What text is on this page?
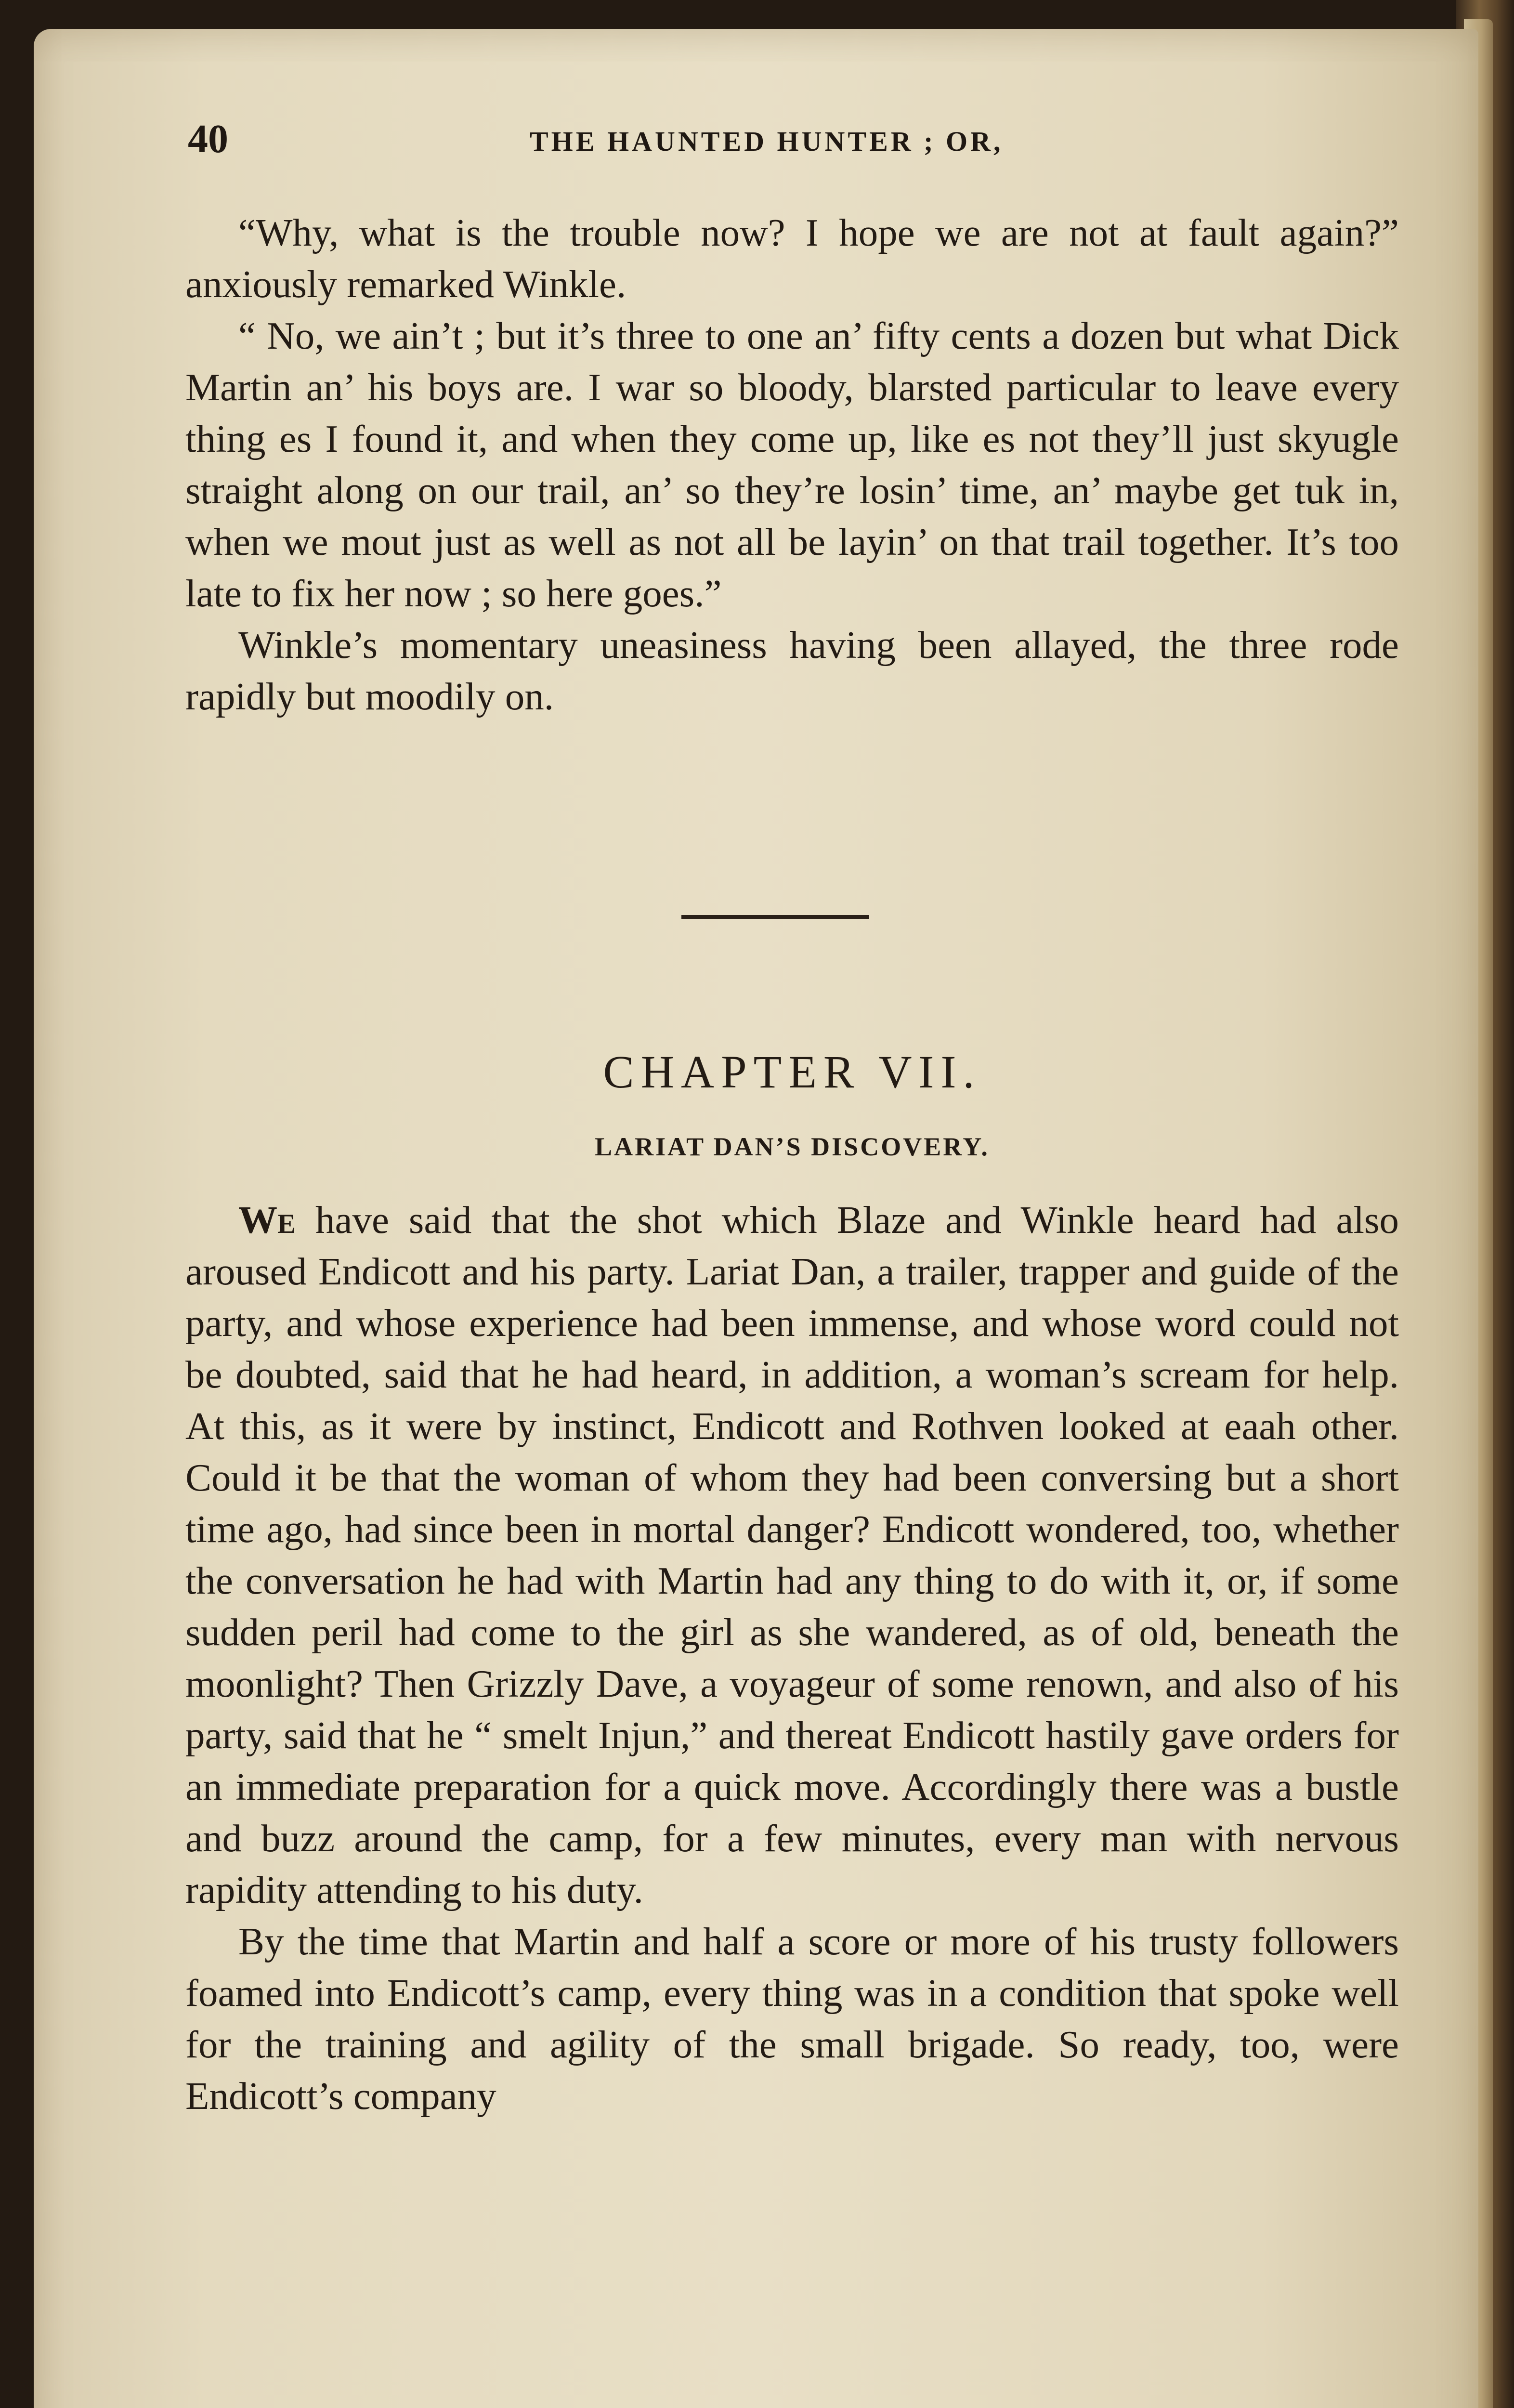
40	THE HAUNTED HUNTER ; OR,

“Why, what is the trouble now? I hope we are not at fault again?” anxiously remarked Winkle.

“ No, we ain’t ; but it’s three to one an’ fifty cents a dozen but what Dick Martin an’ his boys are. I war so bloody, blarsted particular to leave every thing es I found it, and when they come up, like es not they’ll just skyugle straight along on our trail, an’ so they’re losin’ time, an’ maybe get tuk in, when we mout just as well as not all be layin’ on that trail together. It’s too late to fix her now ; so here goes.”

Winkle’s momentary uneasiness having been allayed, the three rode rapidly but moodily on.

CHAPTER VII.
LARIAT DAN’S DISCOVERY.

We have said that the shot which Blaze and Winkle heard had also aroused Endicott and his party. Lariat Dan, a trailer, trapper and guide of the party, and whose experience had been immense, and whose word could not be doubted, said that he had heard, in addition, a woman’s scream for help. At this, as it were by instinct, Endicott and Rothven looked at eaah other. Could it be that the woman of whom they had been conversing but a short time ago, had since been in mortal danger? Endicott wondered, too, whether the conversation he had with Martin had any thing to do with it, or, if some sudden peril had come to the girl as she wandered, as of old, beneath the moonlight? Then Grizzly Dave, a voyageur of some renown, and also of his party, said that he “ smelt Injun,” and thereat Endicott hastily gave orders for an immediate preparation for a quick move. Accordingly there was a bustle and buzz around the camp, for a few minutes, every man with nervous rapidity attending to his duty.

By the time that Martin and half a score or more of his trusty followers foamed into Endicott’s camp, every thing was in a condition that spoke well for the training and agility of the small brigade. So ready, too, were Endicott’s company
